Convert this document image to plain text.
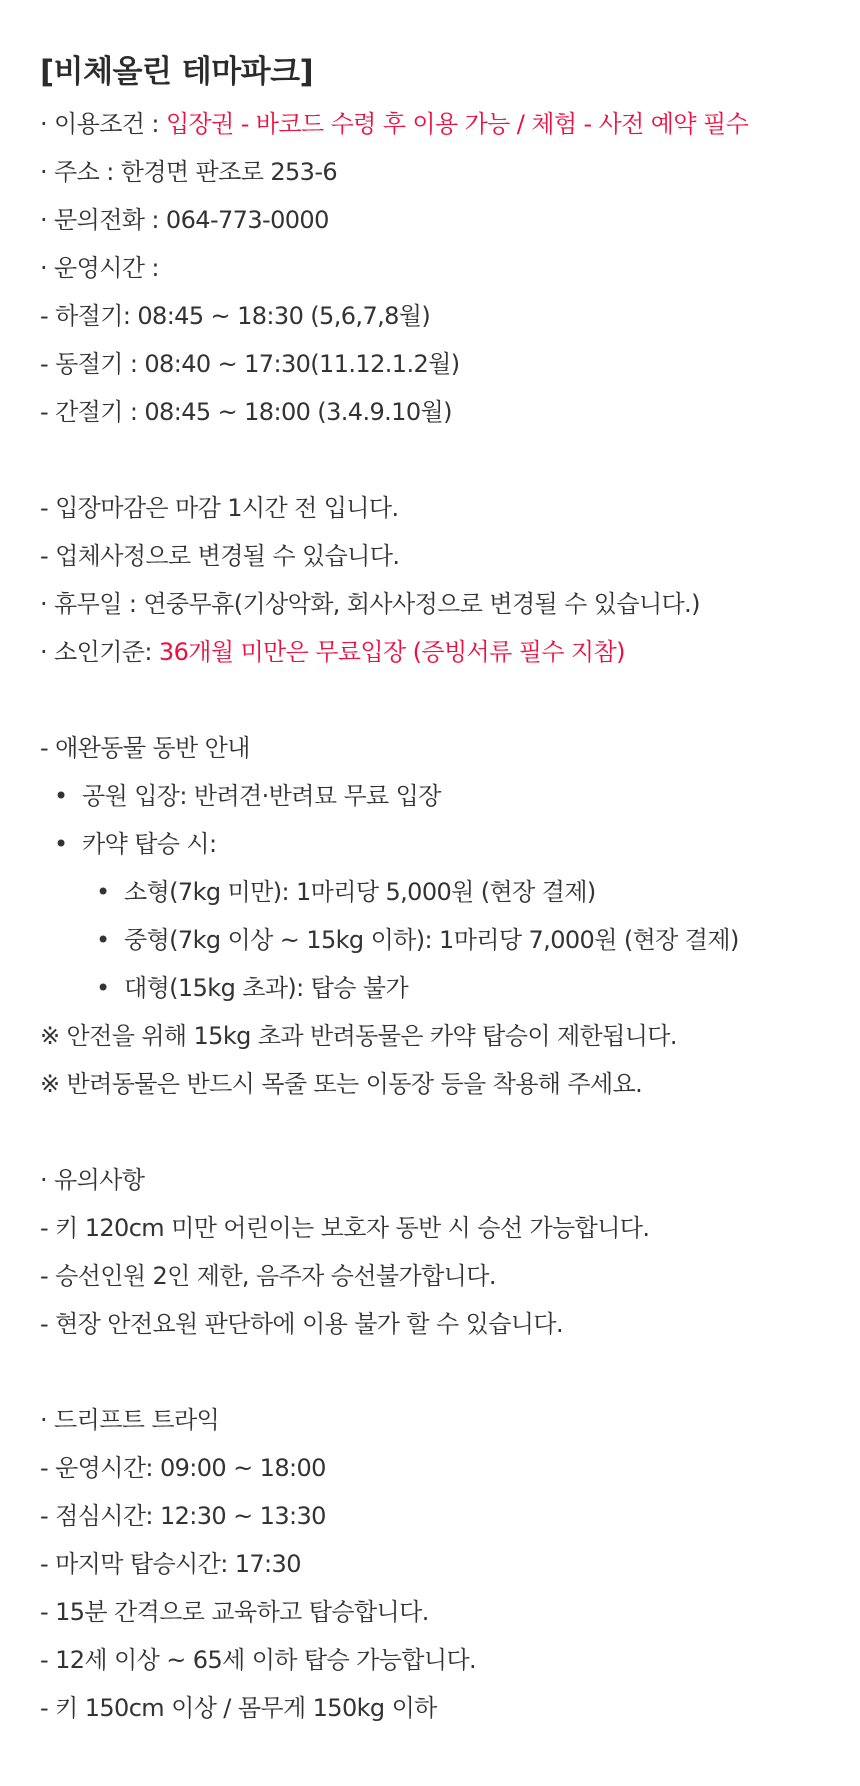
[비체올린 테마파크]
· 이용조건 : 입장권 - 바코드 수령 후 이용 가능 / 체험 - 사전 예약 필수
· 주소 : 한경면 판조로 253-6
· 문의전화 : 064-773-0000
· 운영시간 :
- 하절기: 08:45 ~ 18:30 (5,6,7,8월)
- 동절기 : 08:40 ~ 17:30(11.12.1.2월)
- 간절기 : 08:45 ~ 18:00 (3.4.9.10월)
- 입장마감은 마감 1시간 전 입니다.
- 업체사정으로 변경될 수 있습니다.
· 휴무일 : 연중무휴(기상악화, 회사사정으로 변경될 수 있습니다.)
· 소인기준: 36개월 미만은 무료입장 (증빙서류 필수 지참)
- 애완동물 동반 안내
• 공원 입장: 반려견·반려묘 무료 입장
• 카약 탑승 시:
• 소형(7kg 미만): 1마리당 5,000원 (현장 결제)
• 중형(7kg 이상 ~ 15kg 이하): 1마리당 7,000원 (현장 결제)
• 대형(15kg 초과): 탑승 불가
※ 안전을 위해 15kg 초과 반려동물은 카약 탑승이 제한됩니다.
※ 반려동물은 반드시 목줄 또는 이동장 등을 착용해 주세요.
· 유의사항
- 키 120cm 미만 어린이는 보호자 동반 시 승선 가능합니다.
- 승선인원 2인 제한, 음주자 승선불가합니다.
- 현장 안전요원 판단하에 이용 불가 할 수 있습니다.
· 드리프트 트라익
- 운영시간: 09:00 ~ 18:00
- 점심시간: 12:30 ~ 13:30
- 마지막 탑승시간: 17:30
- 15분 간격으로 교육하고 탑승합니다.
- 12세 이상 ~ 65세 이하 탑승 가능합니다.
- 키 150cm 이상 / 몸무게 150kg 이하
